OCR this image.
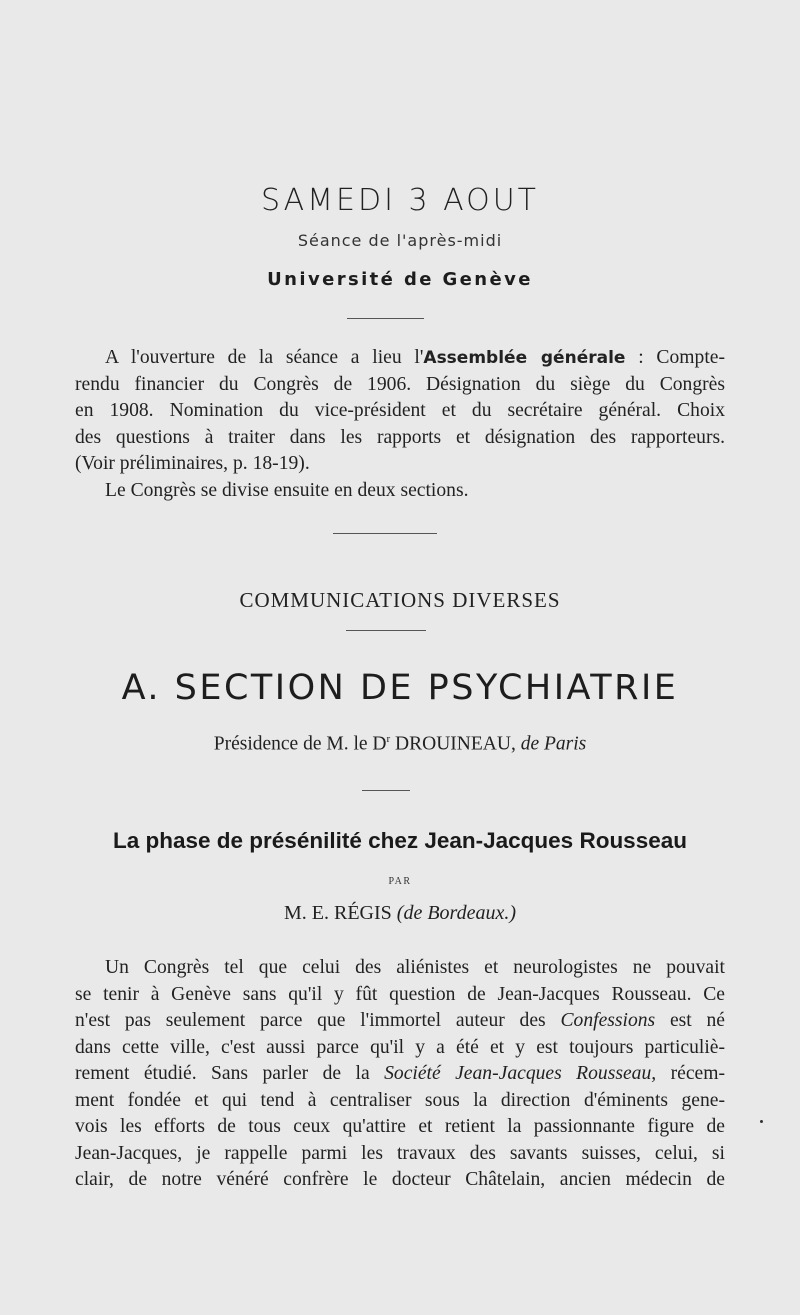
SAMEDI 3 AOUT
Séance de l'après-midi
Université de Genève
A l'ouverture de la séance a lieu l'Assemblée générale : Compte-
rendu financier du Congrès de 1906. Désignation du siège du Congrès
en 1908. Nomination du vice-président et du secrétaire général. Choix
des questions à traiter dans les rapports et désignation des rapporteurs.
(Voir préliminaires, p. 18-19).
Le Congrès se divise ensuite en deux sections.
COMMUNICATIONS DIVERSES
A. SECTION DE PSYCHIATRIE
Présidence de M. le $D^r$ DROUINEAU, de Paris
La phase de présénilité chez Jean-Jacques Rousseau
PAR
M. E. RÉGIS (de Bordeaux.)
Un Congrès tel que celui des aliénistes et neurologistes ne pouvait
se tenir à Genève sans qu'il y fût question de Jean-Jacques Rousseau. Ce
n'est pas seulement parce que l'immortel auteur des Confessions est né
dans cette ville, c'est aussi parce qu'il y a été et y est toujours particuliè-
rement étudié. Sans parler de la Société Jean-Jacques Rousseau, récem-
ment fondée et qui tend à centraliser sous la direction d'éminents gene-
vois les efforts de tous ceux qu'attire et retient la passionnante figure de
Jean-Jacques, je rappelle parmi les travaux des savants suisses, celui, si
clair, de notre vénéré confrère le docteur Châtelain, ancien médecin de
